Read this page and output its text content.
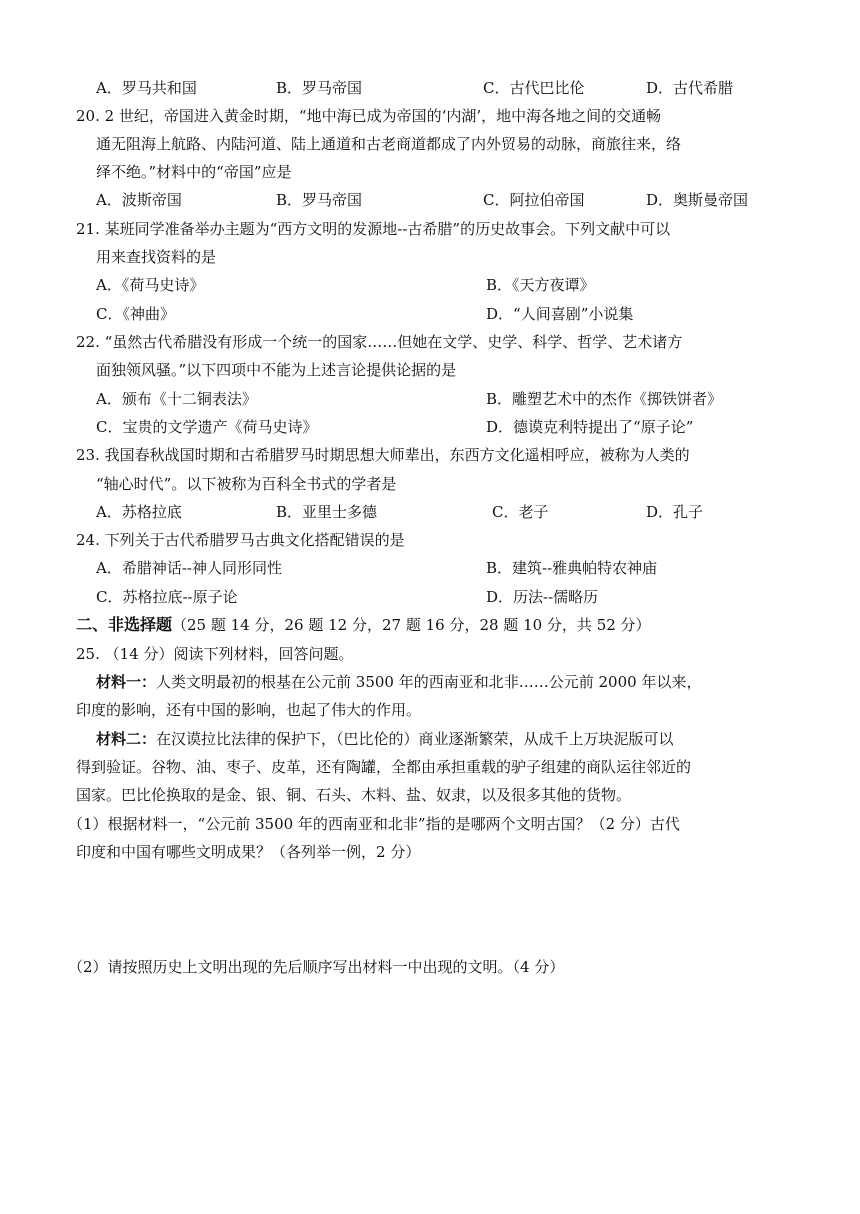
A．罗马共和国	B．罗马帝国	C．古代巴比伦	D．古代希腊
20. 2 世纪，帝国进入黄金时期，“地中海已成为帝国的‘内湖’，地中海各地之间的交通畅
通无阻海上航路、内陆河道、陆上通道和古老商道都成了内外贸易的动脉，商旅往来，络
绎不绝。”材料中的“帝国”应是
A．波斯帝国	B．罗马帝国	C．阿拉伯帝国	D．奥斯曼帝国
21. 某班同学准备举办主题为“西方文明的发源地--古希腊”的历史故事会。下列文献中可以
用来查找资料的是
A．《荷马史诗》	B．《天方夜谭》
C．《神曲》	D．“人间喜剧”小说集
22. “虽然古代希腊没有形成一个统一的国家……但她在文学、史学、科学、哲学、艺术诸方
面独领风骚。”以下四项中不能为上述言论提供论据的是
A．颁布《十二铜表法》	B．雕塑艺术中的杰作《掷铁饼者》
C．宝贵的文学遗产《荷马史诗》	D．德谟克利特提出了“原子论”
23. 我国春秋战国时期和古希腊罗马时期思想大师辈出，东西方文化遥相呼应，被称为人类的
“轴心时代”。以下被称为百科全书式的学者是
A．苏格拉底	B．亚里士多德	C．老子	D．孔子
24. 下列关于古代希腊罗马古典文化搭配错误的是
A．希腊神话--神人同形同性	B．建筑--雅典帕特农神庙
C．苏格拉底--原子论	D．历法--儒略历
二、非选择题（25 题 14 分，26 题 12 分，27 题 16 分，28 题 10 分，共 52 分）
25. （14 分）阅读下列材料，回答问题。
材料一：人类文明最初的根基在公元前 3500 年的西南亚和北非……公元前 2000 年以来，
印度的影响，还有中国的影响，也起了伟大的作用。
材料二：在汉谟拉比法律的保护下，（巴比伦的）商业逐渐繁荣，从成千上万块泥版可以
得到验证。谷物、油、枣子、皮革，还有陶罐，全都由承担重载的驴子组建的商队运往邻近的
国家。巴比伦换取的是金、银、铜、石头、木料、盐、奴隶，以及很多其他的货物。
（1）根据材料一，“公元前 3500 年的西南亚和北非”指的是哪两个文明古国？（2 分）古代
印度和中国有哪些文明成果？（各列举一例，2 分）
（2）请按照历史上文明出现的先后顺序写出材料一中出现的文明。（4 分）
